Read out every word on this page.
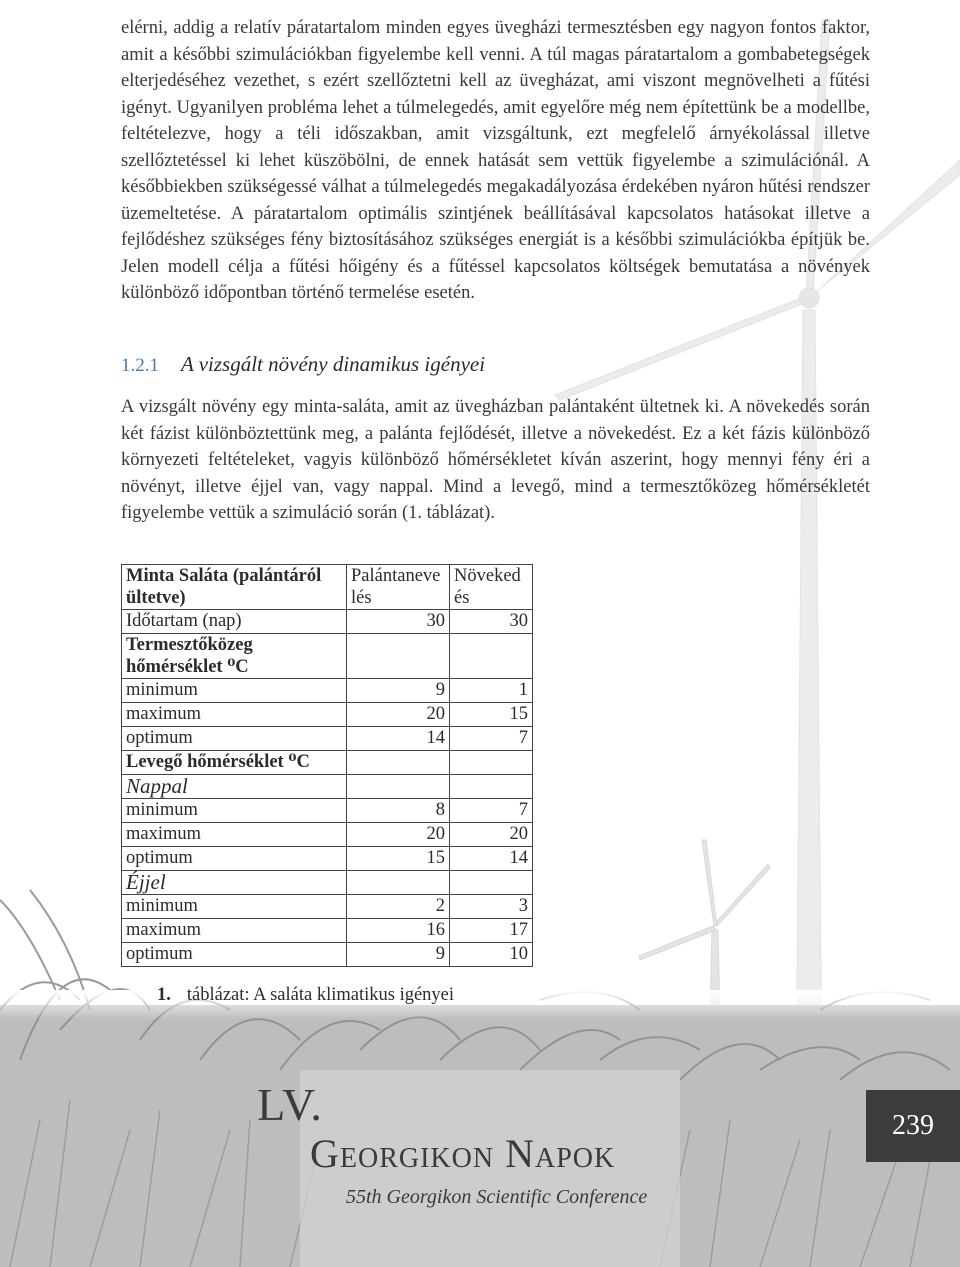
elérni, addig a relatív páratartalom minden egyes üvegházi termesztésben egy nagyon fontos faktor, amit a későbbi szimulációkban figyelembe kell venni. A túl magas páratartalom a gombabetegségek elterjedéséhez vezethet, s ezért szellőztetni kell az üvegházat, ami viszont megnövelheti a fűtési igényt. Ugyanilyen probléma lehet a túlmelegedés, amit egyelőre még nem építettünk be a modellbe, feltételezve, hogy a téli időszakban, amit vizsgáltunk, ezt megfelelő árnyékolással illetve szellőztetéssel ki lehet küszöbölni, de ennek hatását sem vettük figyelembe a szimulációnál. A későbbiekben szükségessé válhat a túlmelegedés megakadályozása érdekében nyáron hűtési rendszer üzemeltetése. A páratartalom optimális szintjének beállításával kapcsolatos hatásokat illetve a fejlődéshez szükséges fény biztosításához szükséges energiát is a későbbi szimulációkba építjük be. Jelen modell célja a fűtési hőigény és a fűtéssel kapcsolatos költségek bemutatása a növények különböző időpontban történő termelése esetén.
1.2.1 A vizsgált növény dinamikus igényei
A vizsgált növény egy minta-saláta, amit az üvegházban palántaként ültetnek ki. A növekedés során két fázist különböztettünk meg, a palánta fejlődését, illetve a növekedést. Ez a két fázis különböző környezeti feltételeket, vagyis különböző hőmérsékletet kíván aszerint, hogy mennyi fény éri a növényt, illetve éjjel van, vagy nappal. Mind a levegő, mind a termesztőközeg hőmérsékletét figyelembe vettük a szimuláció során (1. táblázat).
Minta Saláta (palántáról ültetve)	Palántanevelés	Növekedés
Időtartam (nap)	30	30
Termesztőközeg hőmérséklet ⁰C		
minimum	9	1
maximum	20	15
optimum	14	7
Levegő hőmérséklet ⁰C		
Nappal		
minimum	8	7
maximum	20	20
optimum	15	14
Éjjel		
minimum	2	3
maximum	16	17
optimum	9	10
1. táblázat: A saláta klimatikus igényei
LV.
Georgikon Napok
55th Georgikon Scientific Conference
239
